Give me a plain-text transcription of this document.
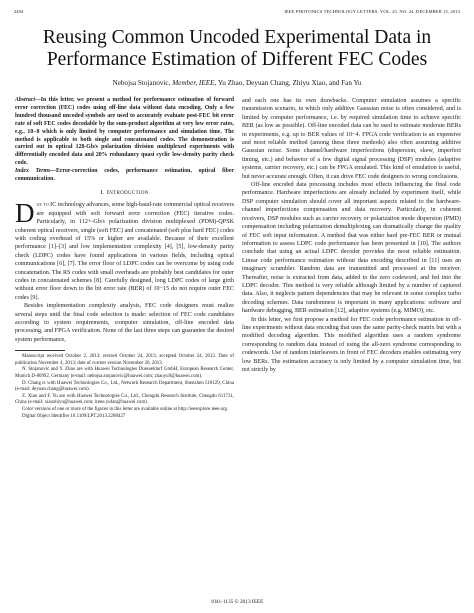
2494	IEEE PHOTONICS TECHNOLOGY LETTERS, VOL. 25, NO. 24, DECEMBER 15, 2013
Reusing Common Uncoded Experimental Data in
Performance Estimation of Different FEC Codes
Nebojsa Stojanovic, Member, IEEE, Yu Zhao, Deyuan Chang, Zhiyu Xiao, and Fan Yu

Abstract—In this letter, we present a method for performance estimation of forward error correction (FEC) codes using off-line data without data encoding. Only a few hundred thousand uncoded symbols are used to accurately evaluate post-FEC bit error rate of soft FEC codes decodable by the sum-product algorithm at very low error rates, e.g., 10−8 which is only limited by computer performance and simulation time. The method is applicable to both single and concatenated codes. The demonstration is carried out in optical 128-Gb/s polarization division multiplexed experiments with differentially encoded data and 20% redundancy quasi cyclic low-density parity check code.

Index Terms—Error-correction codes, performance estimation, optical fiber communication.

I. Introduction

Due to IC technology advances, some high-baud-rate commercial optical receivers are equipped with soft forward error correction (FEC) iterative codes. Particularly, in 112+-Gb/s polarization division multiplexed (PDM)-QPSK coherent optical receivers, single (soft FEC) and concatenated (soft plus hard FEC) codes with coding overhead of 15% or higher are available. Because of their excellent performance [1]–[3] and low implementation complexity [4], [5], low-density parity check (LDPC) codes have found applications in various fields, including optical communications [6], [7]. The error floor of LDPC codes can be overcome by using code concatenation. The RS codes with small overheads are probably best candidates for outer codes in concatenated schemes [8]. Carefully designed, long LDPC codes of large girth without error floor down to the bit error rate (BER) of 10−15 do not require outer FEC codes [9].

Besides implementation complexity analysis, FEC code designers must realize several steps until the final code selection is made: selection of FEC code candidates according to system requirements, computer simulation, off-line encoded data processing, and FPGA verification. None of the last three steps can guarantee the desired system performance,

Manuscript received October 2, 2013; revised October 24, 2013; accepted October 24, 2013. Date of publication November 4, 2013; date of current version November 20, 2013.

N. Stojanovic and Y. Zhao are with Huawei Technologies Duesseldorf GmbH, European Research Center, Munich D-80992, Germany (e-mail: nebojsa.stojanovic@huawei.com; zhaoyu9@huawei.com).

D. Chang is with Huawei Technologies Co., Ltd., Network Research Department, Shenzhen 518129, China (e-mail: deyuan.chang@huawei.com).

Z. Xiao and F. Yu are with Huawei Technologies Co., Ltd., Chengdu Research Institute, Chengdu 611731, China (e-mail: xiaozhiyu@huawei.com; irene.yufan@huawei.com).

Color versions of one or more of the figures in this letter are available online at http://ieeexplore.ieee.org.

Digital Object Identifier 10.1109/LPT.2013.2288427

and each one has its own drawbacks. Computer simulation assumes a specific transmission scenario, in which only additive Gaussian noise is often considered, and is limited by computer performance, i.e. by required simulation time to achieve specific BER (as low as possible). Off-line encoded data can be used to estimate moderate BERs in experiments, e.g. up to BER values of 10−4. FPGA code verification is an expensive and most reliable method (among these three methods) also often assuming additive Gaussian noise. Some channel/hardware imperfections (dispersion, skew, imperfect timing, etc.) and behavior of a few digital signal processing (DSP) modules (adaptive systems, carrier recovery, etc.) can be FPGA emulated. This kind of emulation is useful, but never accurate enough. Often, it can drive FEC code designers to wrong conclusions.

Off-line encoded data processing includes most effects influencing the final code performance. Hardware imperfections are already included by experiment itself, while DSP computer simulation should cover all important aspects related to the hardware-channel imperfections compensation and data recovery. Particularly, in coherent receivers, DSP modules such as carrier recovery or polarization mode dispersion (PMD) compensation including polarization demultiplexing can dramatically change the quality of FEC soft input information. A method that was either hard pre-FEC BER or mutual information to assess LDPC code performance has been presented in [10]. The authors conclude that using an actual LDPC decoder provides the most reliable estimation. Linear code performance estimation without data encoding described in [11] uses an imaginary scrambler. Random data are transmitted and processed at the receiver. Thereafter, noise is extracted from data, added to the zero codeword, and fed into the LDPC decoder. This method is very reliable although limited by a number of captured data. Also, it neglects pattern dependencies that may be relevant in some complex turbo decoding schemes. Data randomness is important in many applications: software and hardware debugging, BER estimation [12], adaptive systems (e.g. MIMO), etc.

In this letter, we first propose a method for FEC code performance estimation in off-line experiments without data encoding that uses the same parity-check matrix but with a modified decoding algorithm. This modified algorithm uses a random syndrome corresponding to random data instead of using the all-zero syndrome corresponding to codewords. Use of random interleavers in front of FEC decoders enables estimating very low BERs. The estimation accuracy is only limited by a computer simulation time, but not strictly by

1041-1135 © 2013 IEEE
